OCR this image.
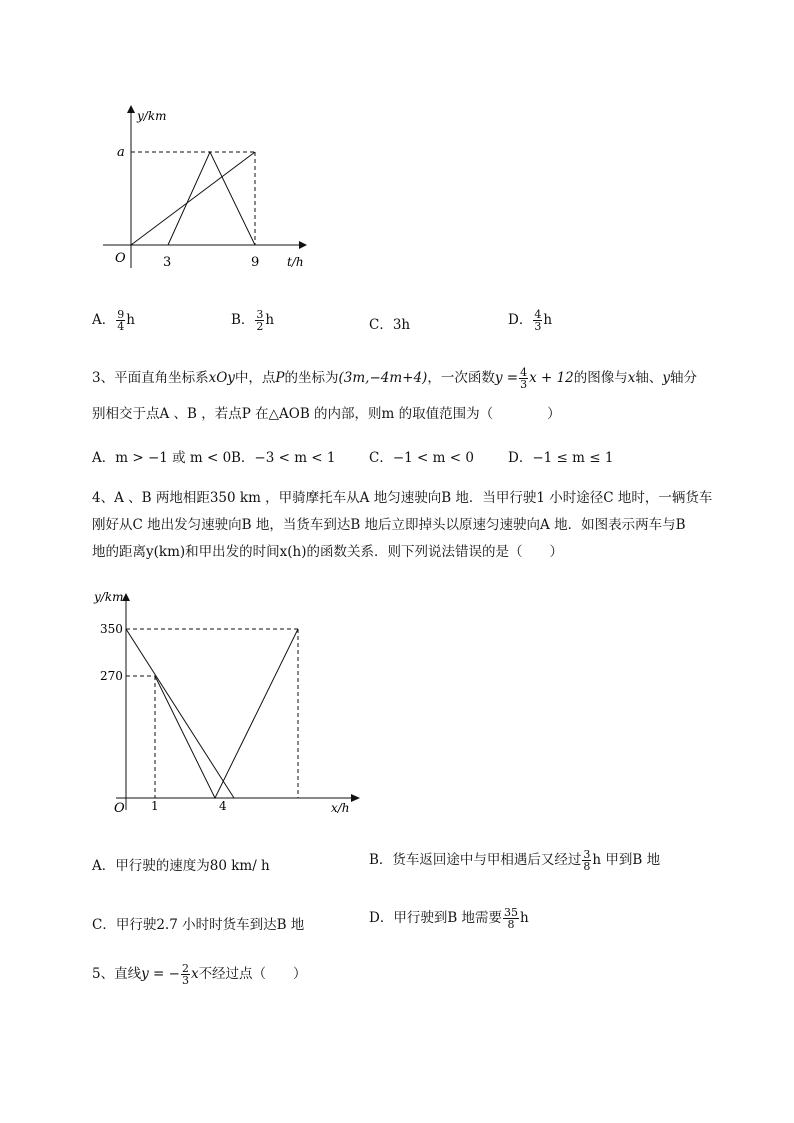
y/km
a
O	3	9 t/h
A． $\frac{9}{4}$ h	B． $\frac{3}{2}$ h	C．3h	D． $\frac{4}{3}$ h
3、平面直角坐标系xOy中，点P的坐标为(3m,−4m+4)，一次函数$y = \frac{4}{3}$ x + 12的图像与x轴、y轴分
别相交于点A 、B ，若点P 在△AOB 的内部，则m 的取值范围为（　　　　）
A．m > −1 或 m < 0 B．−3 < m < 1 C．−1 < m < 0	D．−1 ≤ m ≤ 1
4、A 、B 两地相距350 km ，甲骑摩托车从A 地匀速驶向B 地．当甲行驶1 小时途径C 地时，一辆货车
刚好从C 地出发匀速驶向B 地，当货车到达B 地后立即掉头以原速匀速驶向A 地．如图表示两车与B
地的距离y(km)和甲出发的时间x(h)的函数关系．则下列说法错误的是（　　）
y/km
350
270
O 1	4	x/h
A．甲行驶的速度为80 km/ h	B．货车返回途中与甲相遇后又经过 $\frac{3}{8}$ h 甲到B 地
C．甲行驶2.7 小时时货车到达B 地	D．甲行驶到B 地需要 $\frac{35}{8}$ h
5、直线y = − $\frac{2}{3}$ x不经过点（　　）
